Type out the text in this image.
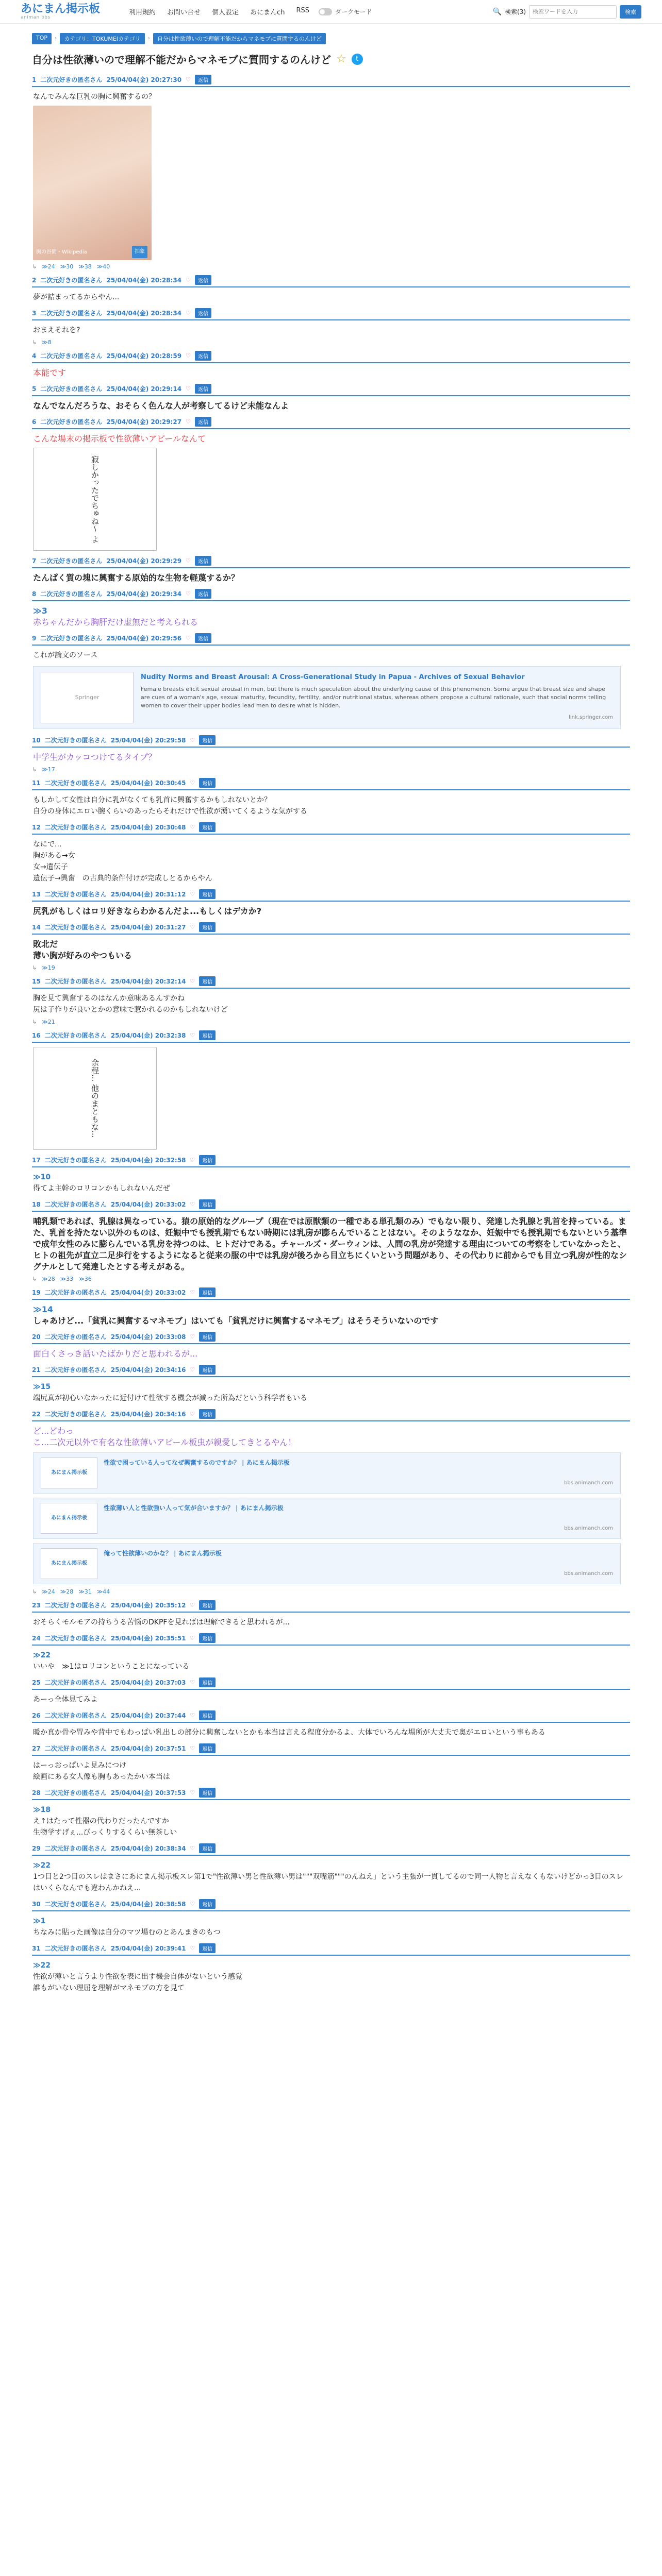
あにまん掲示板
animan bbs
利用規約 お問い合せ 個人設定 あにまんch RSS	ダークモード	🔍 検索(3)
検索ワードを入力	検索
TOP	›	カテゴリ：TOKUMEIカテゴリ	›	自分は性欲薄いので理解不能だからマネモブに質問するのんけど
自分は性欲薄いので理解不能だからマネモブに質問するのんけど ☆	t
1 二次元好きの匿名さん 25/04/04(金) 20:27:30 ♡	返信
なんでみんな巨乳の胸に興奮するの？
胸の谷間・Wikipedia	抽象
↳ ≫24 ≫30 ≫38 ≫40
2 二次元好きの匿名さん 25/04/04(金) 20:28:34 ♡	返信
夢が詰まってるからやん...
3 二次元好きの匿名さん 25/04/04(金) 20:28:34 ♡	返信
おまえそれを?
↳ ≫8
4 二次元好きの匿名さん 25/04/04(金) 20:28:59 ♡	返信
本能です
5 二次元好きの匿名さん 25/04/04(金) 20:29:14 ♡	返信
なんでなんだろうな、おそらく色んな人が考察してるけど未能なんよ
6 二次元好きの匿名さん 25/04/04(金) 20:29:27 ♡	返信
こんな場末の掲示板で性欲薄いアピールなんて
寂しかったでちゅね〜 よ
7 二次元好きの匿名さん 25/04/04(金) 20:29:29 ♡	返信
たんぱく質の塊に興奮する原始的な生物を軽蔑するか？
8 二次元好きの匿名さん 25/04/04(金) 20:29:34 ♡	返信
≫3
赤ちゃんだから胸肝だけ虚無だと考えられる
9 二次元好きの匿名さん 25/04/04(金) 20:29:56 ♡	返信
これが論文のソース
Springer
Nudity Norms and Breast Arousal: A Cross-Generational Study in Papua - Archives of Sexual Behavior
Female breasts elicit sexual arousal in men, but there is much speculation about the underlying cause of this phenomenon. Some argue that breast size and shape are cues of a woman's age, sexual maturity, fecundity, fertility, and/or nutritional status, whereas others propose a cultural rationale, such that social norms telling women to cover their upper bodies lead men to desire what is hidden.
link.springer.com
10 二次元好きの匿名さん 25/04/04(金) 20:29:58 ♡	返信
中学生がカッコつけてるタイプ？
↳ ≫17
11 二次元好きの匿名さん 25/04/04(金) 20:30:45 ♡	返信
もしかして女性は自分に乳がなくても乳首に興奮するかもしれないとか？
自分の身体にエロい腕くらいのあったらそれだけで性欲が湧いてくるような気がする
12 二次元好きの匿名さん 25/04/04(金) 20:30:48 ♡	返信
なにで...
胸がある→女
女→遺伝子
遺伝子→興奮　の古典的条件付けが完成しとるからやん
13 二次元好きの匿名さん 25/04/04(金) 20:31:12 ♡	返信
尻乳がもしくはロリ好きならわかるんだよ...もしくはデカか?
14 二次元好きの匿名さん 25/04/04(金) 20:31:27 ♡	返信
敗北だ
薄い胸が好みのやつもいる
↳ ≫19
15 二次元好きの匿名さん 25/04/04(金) 20:32:14 ♡	返信
胸を見て興奮するのはなんか意味あるんすかね
尻は子作りが良いとかの意味で惹かれるのかもしれないけど
↳ ≫21
16 二次元好きの匿名さん 25/04/04(金) 20:32:38 ♡	返信
余程... 他のまともな...
17 二次元好きの匿名さん 25/04/04(金) 20:32:58 ♡	返信
≫10
得てよ主幹のロリコンかもしれないんだぜ
18 二次元好きの匿名さん 25/04/04(金) 20:33:02 ♡	返信
哺乳類であれば、乳腺は異なっている。猿の原始的なグループ（現在では原獣類の一種である単孔類のみ）でもない限り、発達した乳腺と乳首を持っている。また、乳首を持たない以外のものは、妊娠中でも授乳期でもない時期には乳房が膨らんでいることはない。そのようななか、妊娠中でも授乳期でもないという基準で成年女性のみに膨らんでいる乳房を持つのは、ヒトだけである。チャールズ・ダーウィンは、人間の乳房が発達する理由についての考察をしていなかったと、ヒトの祖先が直立二足歩行をするようになると従来の服の中では乳房が後ろから目立ちにくいという問題があり、その代わりに前からでも目立つ乳房が性的なシグナルとして発達したとする考えがある。
↳ ≫28 ≫33 ≫36
19 二次元好きの匿名さん 25/04/04(金) 20:33:02 ♡	返信
≫14
しゃあけど...「貧乳に興奮するマネモブ」はいても「貧乳だけに興奮するマネモブ」はそうそういないのです
20 二次元好きの匿名さん 25/04/04(金) 20:33:08 ♡	返信
面白くさっき話いたばかりだと思われるが...
21 二次元好きの匿名さん 25/04/04(金) 20:34:16 ♡	返信
≫15
端尻真が初心いなかったに近付けて性欲する機会が減った所為だという科学者もいる
22 二次元好きの匿名さん 25/04/04(金) 20:34:16 ♡	返信
ど...どわっ
こ...二次元以外で有名な性欲薄いアピール板虫が親愛してきとるやん！
あにまん掲示板
性欲で困っている人ってなぜ興奮するのですか？ | あにまん掲示板
bbs.animanch.com
あにまん掲示板
性欲薄い人と性欲強い人って気が合いますか？ | あにまん掲示板
bbs.animanch.com
あにまん掲示板
俺って性欲薄いのかな？ | あにまん掲示板
bbs.animanch.com
↳ ≫24 ≫28 ≫31 ≫44
23 二次元好きの匿名さん 25/04/04(金) 20:35:12 ♡	返信
おそらくモルモアの持ちうる苦悩のDKPFを見ればは理解できると思われるが...
24 二次元好きの匿名さん 25/04/04(金) 20:35:51 ♡	返信
≫22
いいや　≫1はロリコンということになっている
25 二次元好きの匿名さん 25/04/04(金) 20:37:03 ♡	返信
あーっ全体見てみよ
26 二次元好きの匿名さん 25/04/04(金) 20:37:44 ♡	返信
暖か真か骨や胃みや背中でもわっぱい乳出しの部分に興奮しないとかも本当は言える程度分かるよ、大体でいろんな場所が大丈夫で奥がエロいという事もある
27 二次元好きの匿名さん 25/04/04(金) 20:37:51 ♡	返信
はーっおっぱいよ見みにつけ
絵画にある女人像も胸もあったかい本当は
28 二次元好きの匿名さん 25/04/04(金) 20:37:53 ♡	返信
≫18
え↑はたって性器の代わりだったんですか
生物学すげぇ...びっくりするくらい無茶しい
29 二次元好きの匿名さん 25/04/04(金) 20:38:34 ♡	返信
≫22
1つ目と2つ目のスレはまさにあにまん掲示板スレ第1で"性欲薄い男と性欲薄い男は"""双嘴筋"""のんねえ」という主張が一貫してるので同一人物と言えなくもないけどかっ3目のスレはいくらなんでも違わんかねえ...
30 二次元好きの匿名さん 25/04/04(金) 20:38:58 ♡	返信
≫1
ちなみに貼った画像は自分のマツ場むのとあんまきのもつ
31 二次元好きの匿名さん 25/04/04(金) 20:39:41 ♡	返信
≫22
性欲が薄いと言うより性欲を表に出す機会自体がないという感覚
誰もがいない理屈を理解がマネモブの方を見て
